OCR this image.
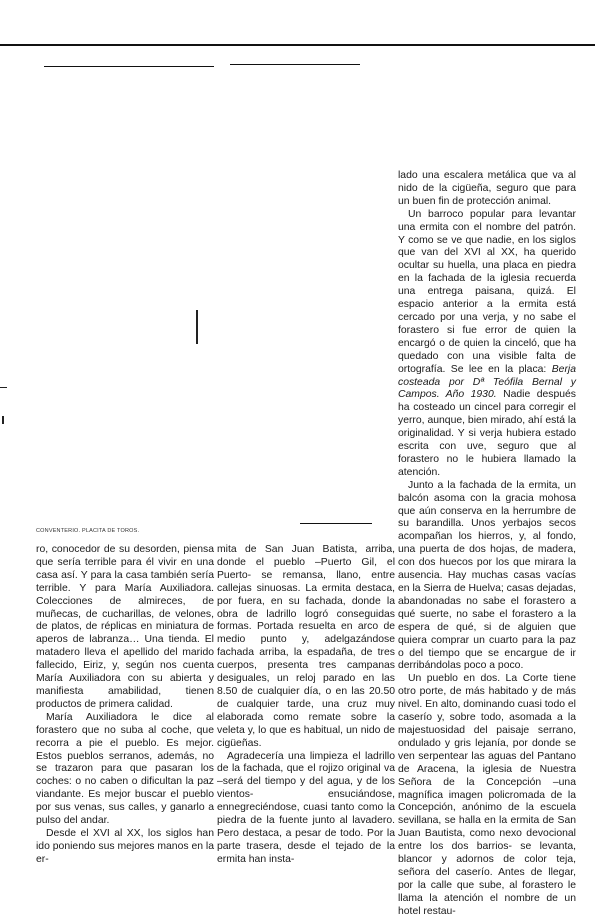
CONVENTERIO. PLACITA DE TOROS.

ro, conocedor de su desorden, piensa que sería terrible para él vivir en una casa así. Y para la casa también sería terrible. Y para María Auxiliadora. Colecciones de almireces, de muñecas, de cucharillas, de velones, de platos, de réplicas en miniatura de aperos de labranza… Una tienda. El matadero lleva el apellido del marido fallecido, Eiriz, y, según nos cuenta María Auxiliadora con su abierta y manifiesta amabilidad, tienen productos de primera calidad.

María Auxiliadora le dice al forastero que no suba al coche, que recorra a pie el pueblo. Es mejor. Estos pueblos serranos, además, no se trazaron para que pasaran los coches: o no caben o dificultan la paz viandante. Es mejor buscar el pueblo por sus venas, sus calles, y ganarlo a pulso del andar.

Desde el XVI al XX, los siglos han ido poniendo sus mejores manos en la er-

mita de San Juan Batista, arriba, donde el pueblo –Puerto Gil, el Puerto- se remansa, llano, entre callejas sinuosas. La ermita destaca, por fuera, en su fachada, donde la obra de ladrillo logró conseguidas formas. Portada resuelta en arco de medio punto y, adelgazándose fachada arriba, la espadaña, de tres cuerpos, presenta tres campanas desiguales, un reloj parado en las 8.50 de cualquier día, o en las 20.50 de cualquier tarde, una cruz muy elaborada como remate sobre la veleta y, lo que es habitual, un nido de cigüeñas.

Agradecería una limpieza el ladrillo de la fachada, que el rojizo original va –será del tiempo y del agua, y de los vientos- ensuciándose, ennegreciéndose, cuasi tanto como la piedra de la fuente junto al lavadero. Pero destaca, a pesar de todo. Por la parte trasera, desde el tejado de la ermita han insta-

lado una escalera metálica que va al nido de la cigüeña, seguro que para un buen fin de protección animal.

Un barroco popular para levantar una ermita con el nombre del patrón. Y como se ve que nadie, en los siglos que van del XVI al XX, ha querido ocultar su huella, una placa en piedra en la fachada de la iglesia recuerda una entrega paisana, quizá. El espacio anterior a la ermita está cercado por una verja, y no sabe el forastero si fue error de quien la encargó o de quien la cinceló, que ha quedado con una visible falta de ortografía. Se lee en la placa: Berja costeada por Dª Teófila Bernal y Campos. Año 1930. Nadie después ha costeado un cincel para corregir el yerro, aunque, bien mirado, ahí está la originalidad. Y si verja hubiera estado escrita con uve, seguro que al forastero no le hubiera llamado la atención.

Junto a la fachada de la ermita, un balcón asoma con la gracia mohosa que aún conserva en la herrumbre de su barandilla. Unos yerbajos secos acompañan los hierros, y, al fondo, una puerta de dos hojas, de madera, con dos huecos por los que mirara la ausencia. Hay muchas casas vacías en la Sierra de Huelva; casas dejadas, abandonadas no sabe el forastero a qué suerte, no sabe el forastero a la espera de qué, si de alguien que quiera comprar un cuarto para la paz o del tiempo que se encargue de ir derribándolas poco a poco.

Un pueblo en dos. La Corte tiene otro porte, de más habitado y de más nivel. En alto, dominando cuasi todo el caserío y, sobre todo, asomada a la majestuosidad del paisaje serrano, ondulado y gris lejanía, por donde se ven serpentear las aguas del Pantano de Aracena, la iglesia de Nuestra Señora de la Concepción –una magnífica imagen policromada de la Concepción, anónimo de la escuela sevillana, se halla en la ermita de San Juan Bautista, como nexo devocional entre los dos barrios- se levanta, blancor y adornos de color teja, señora del caserío. Antes de llegar, por la calle que sube, al forastero le llama la atención el nombre de un hotel restau-
